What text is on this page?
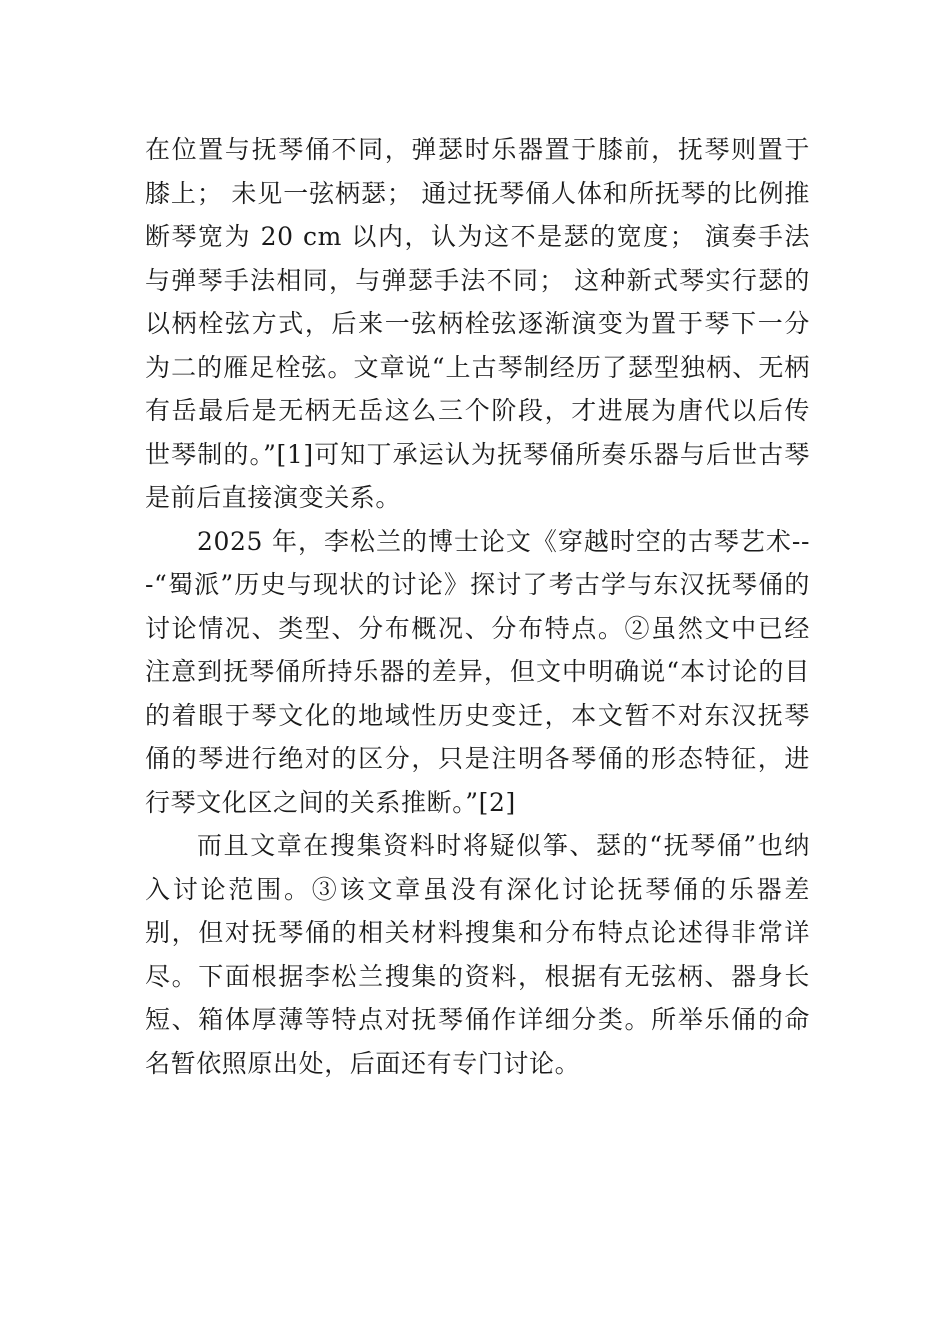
在位置与抚琴俑不同，弹瑟时乐器置于膝前，抚琴则置于膝上； 未见一弦柄瑟； 通过抚琴俑人体和所抚琴的比例推断琴宽为 20 cm 以内，认为这不是瑟的宽度； 演奏手法与弹琴手法相同，与弹瑟手法不同； 这种新式琴实行瑟的以柄栓弦方式，后来一弦柄栓弦逐渐演变为置于琴下一分为二的雁足栓弦。文章说“上古琴制经历了瑟型独柄、无柄有岳最后是无柄无岳这么三个阶段，才进展为唐代以后传世琴制的。”[1]可知丁承运认为抚琴俑所奏乐器与后世古琴是前后直接演变关系。

2025 年，李松兰的博士论文《穿越时空的古琴艺术---“蜀派”历史与现状的讨论》探讨了考古学与东汉抚琴俑的讨论情况、类型、分布概况、分布特点。②虽然文中已经注意到抚琴俑所持乐器的差异，但文中明确说“本讨论的目的着眼于琴文化的地域性历史变迁，本文暂不对东汉抚琴俑的琴进行绝对的区分，只是注明各琴俑的形态特征，进行琴文化区之间的关系推断。”[2]

而且文章在搜集资料时将疑似筝、瑟的“抚琴俑”也纳入讨论范围。③该文章虽没有深化讨论抚琴俑的乐器差别，但对抚琴俑的相关材料搜集和分布特点论述得非常详尽。下面根据李松兰搜集的资料，根据有无弦柄、器身长短、箱体厚薄等特点对抚琴俑作详细分类。所举乐俑的命名暂依照原出处，后面还有专门讨论。
